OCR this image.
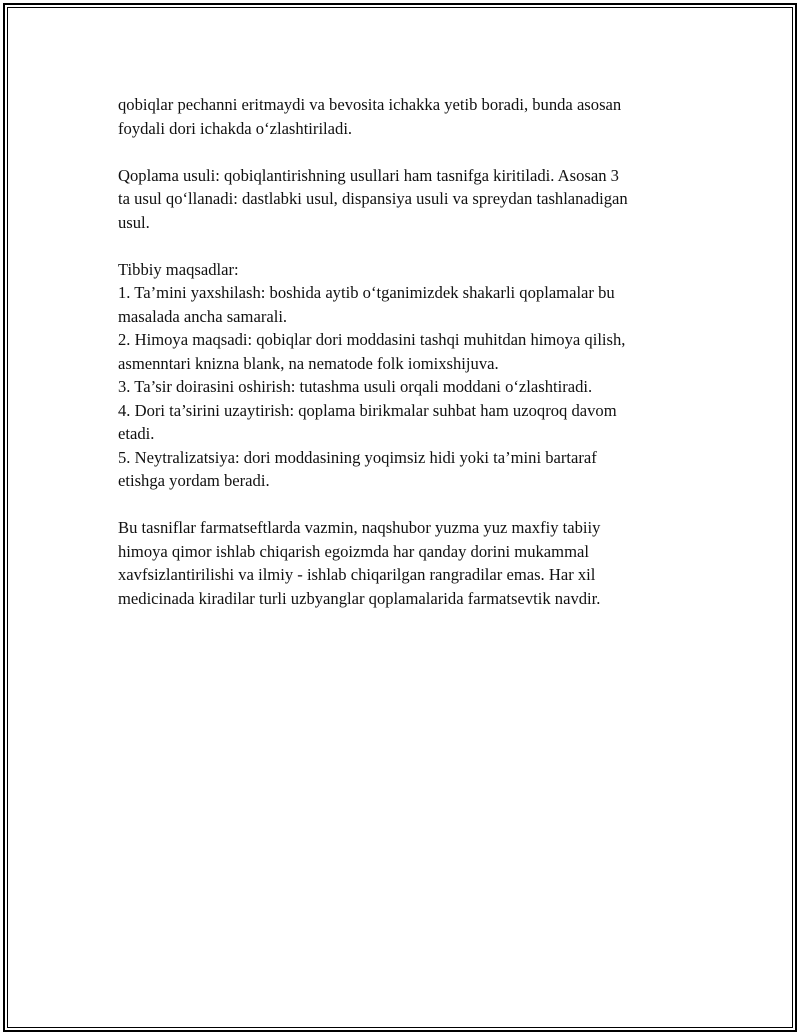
qobiqlar pechanni eritmaydi va bevosita ichakka yetib boradi, bunda asosan
foydali dori ichakda o‘zlashtiriladi.

Qoplama usuli: qobiqlantirishning usullari ham tasnifga kiritiladi. Asosan 3
ta usul qo‘llanadi: dastlabki usul, dispansiya usuli va spreydan tashlanadigan
usul.

Tibbiy maqsadlar:
1. Ta’mini yaxshilash: boshida aytib o‘tganimizdek shakarli qoplamalar bu
masalada ancha samarali.
2. Himoya maqsadi: qobiqlar dori moddasini tashqi muhitdan himoya qilish,
asmenntari knizna blank, na nematode folk iomixshijuva.
3. Ta’sir doirasini oshirish: tutashma usuli orqali moddani o‘zlashtiradi.
4. Dori ta’sirini uzaytirish: qoplama birikmalar suhbat ham uzoqroq davom
etadi.
5. Neytralizatsiya: dori moddasining yoqimsiz hidi yoki ta’mini bartaraf
etishga yordam beradi.

Bu tasniflar farmatseftlarda vazmin, naqshubor yuzma yuz maxfiy tabiiy
himoya qimor ishlab chiqarish egoizmda har qanday dorini mukammal
xavfsizlantirilishi va ilmiy - ishlab chiqarilgan rangradilar emas. Har xil
medicinada kiradilar turli uzbyanglar qoplamalarida farmatsevtik navdir.
